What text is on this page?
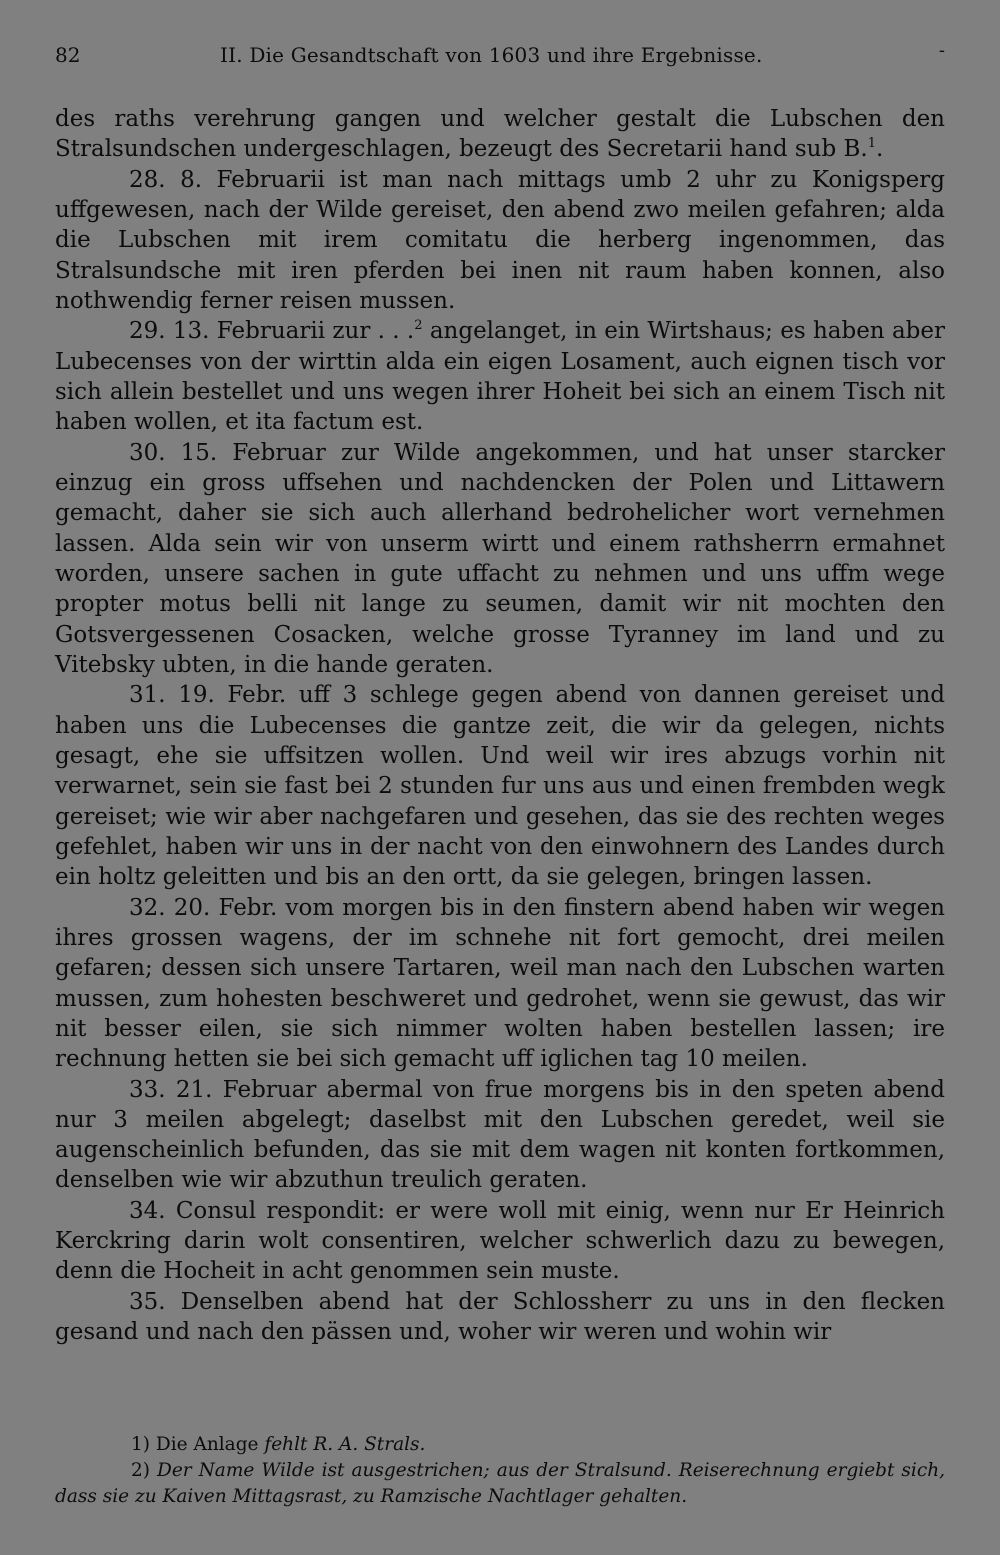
82	II. Die Gesandtschaft von 1603 und ihre Ergebnisse.	-

des raths verehrung gangen und welcher gestalt die Lubschen den Stralsundschen undergeschlagen, bezeugt des Secretarii hand sub B.$^1$.

28. 8. Februarii ist man nach mittags umb 2 uhr zu Konigsperg uffgewesen, nach der Wilde gereiset, den abend zwo meilen gefahren; alda die Lubschen mit irem comitatu die herberg ingenommen, das Stralsundsche mit iren pferden bei inen nit raum haben konnen, also nothwendig ferner reisen mussen.

29. 13. Februarii zur . . .$^2$ angelanget, in ein Wirtshaus; es haben aber Lubecenses von der wirttin alda ein eigen Losament, auch eignen tisch vor sich allein bestellet und uns wegen ihrer Hoheit bei sich an einem Tisch nit haben wollen, et ita factum est.

30. 15. Februar zur Wilde angekommen, und hat unser starcker einzug ein gross uffsehen und nachdencken der Polen und Littawern gemacht, daher sie sich auch allerhand bedroheliсher wort vernehmen lassen. Alda sein wir von unserm wirtt und einem rathsherrn ermahnet worden, unsere sachen in gute uffacht zu nehmen und uns uffm wege propter motus belli nit lange zu seumen, damit wir nit mochten den Gotsvergessenen Cosacken, welche grosse Tyranney im land und zu Vitebsky ubten, in die hande geraten.

31. 19. Febr. uff 3 schlege gegen abend von dannen gereiset und haben uns die Lubecenses die gantze zeit, die wir da gelegen, nichts gesagt, ehe sie uffsitzen wollen. Und weil wir ires abzugs vorhin nit verwarnet, sein sie fast bei 2 stunden fur uns aus und einen frembden wegk gereiset; wie wir aber nachgefaren und gesehen, das sie des rechten weges gefehlet, haben wir uns in der nacht von den einwohnern des Landes durch ein holtz geleitten und bis an den ortt, da sie gelegen, bringen lassen.

32. 20. Febr. vom morgen bis in den finstern abend haben wir wegen ihres grossen wagens, der im schnehe nit fort gemocht, drei meilen gefaren; dessen sich unsere Tartaren, weil man nach den Lubschen warten mussen, zum hohesten beschweret und gedrohet, wenn sie gewust, das wir nit besser eilen, sie sich nimmer wolten haben bestellen lassen; ire rechnung hetten sie bei sich gemacht uff iglichen tag 10 meilen.

33. 21. Februar abermal von frue morgens bis in den speten abend nur 3 meilen abgelegt; daselbst mit den Lubschen geredet, weil sie augenscheinlich befunden, das sie mit dem wagen nit konten fortkommen, denselben wie wir abzuthun treulich geraten.

34. Consul respondit: er were woll mit einig, wenn nur Er Heinrich Kerckring darin wolt consentiren, welcher schwerlich dazu zu bewegen, denn die Hocheit in acht genommen sein muste.

35. Denselben abend hat der Schlossherr zu uns in den flecken gesand und nach den pässen und, woher wir weren und wohin wir

1) Die Anlage fehlt R. A. Strals.

2) Der Name Wilde ist ausgestrichen; aus der Stralsund. Reiserechnung ergiebt sich, dass sie zu Kaiven Mittagsrast, zu Ramzische Nachtlager gehalten.
